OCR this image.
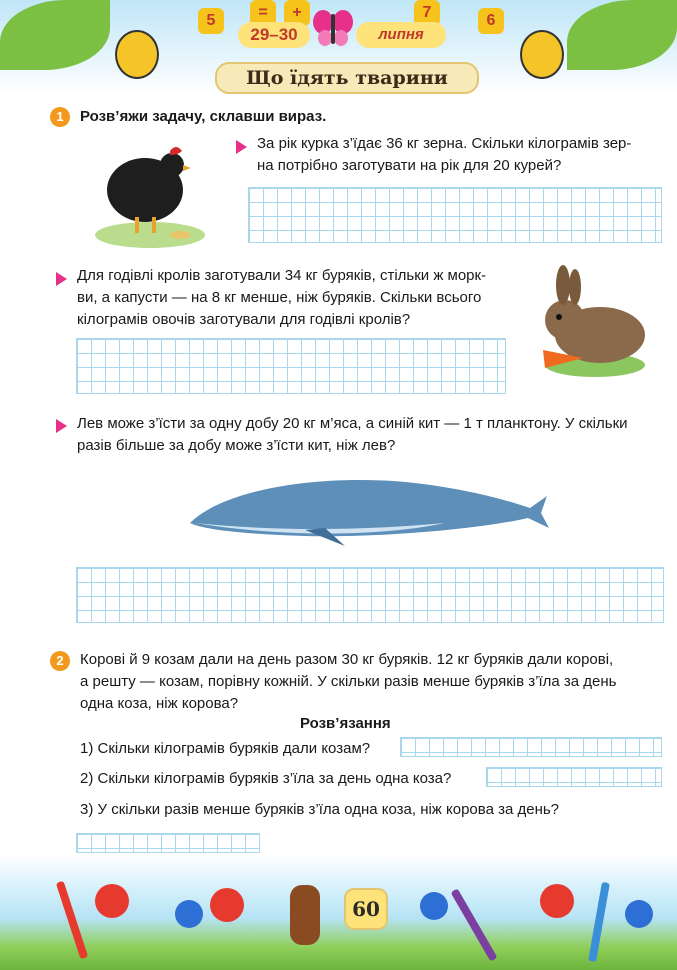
5	=	+	7	6
29–30	липня
Що їдять тварини
1	Розв’яжи задачу, склавши вираз.
За рік курка з’їдає 36 кг зерна. Скільки кілограмів зер-
на потрібно заготувати на рік для 20 курей?
Для годівлі кролів заготували 34 кг буряків, стільки ж морк-
ви, а капусти — на 8 кг менше, ніж буряків. Скільки всього
кілограмів овочів заготували для годівлі кролів?
Лев може з’їсти за одну добу 20 кг м’яса, а синій кит — 1 т планктону. У скільки
разів більше за добу може з’їсти кит, ніж лев?
2	Корові й 9 козам дали на день разом 30 кг буряків. 12 кг буряків дали корові,
а решту — козам, порівну кожній. У скільки разів менше буряків з’їла за день
одна коза, ніж корова?
Розв’язання
1) Скільки кілограмів буряків дали козам?
2) Скільки кілограмів буряків з’їла за день одна коза?
3) У скільки разів менше буряків з’їла одна коза, ніж корова за день?
60
